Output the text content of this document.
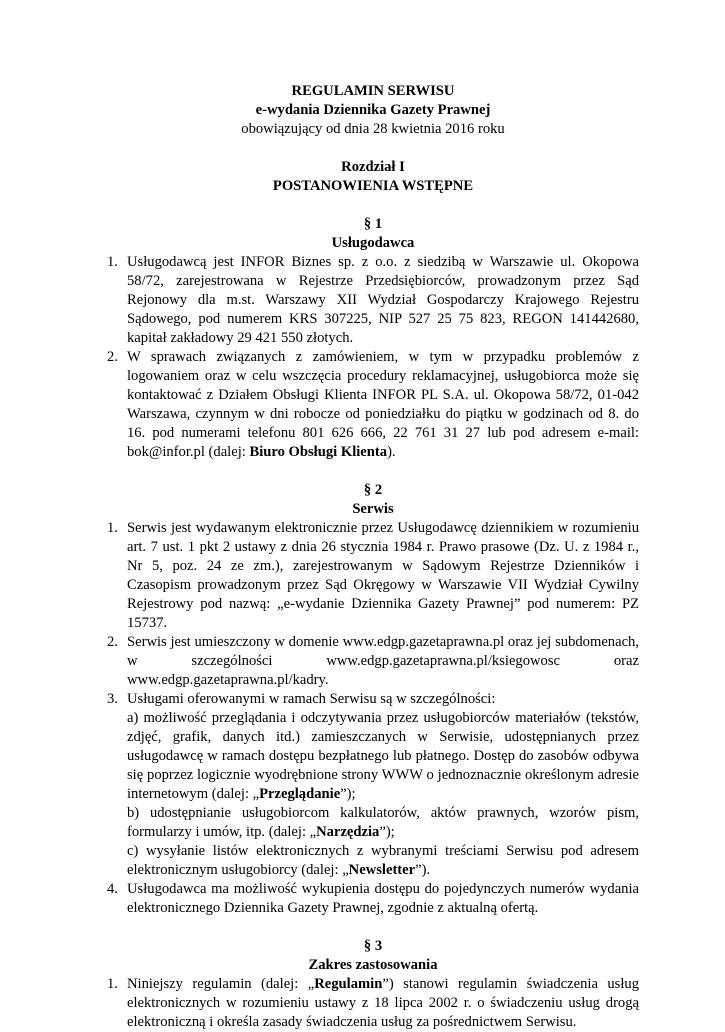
REGULAMIN SERWISU
e-wydania Dziennika Gazety Prawnej
obowiązujący od dnia 28 kwietnia 2016 roku
Rozdział I
POSTANOWIENIA WSTĘPNE
§ 1
Usługodawca
1. Usługodawcą jest INFOR Biznes sp. z o.o. z siedzibą w Warszawie ul. Okopowa 58/72, zarejestrowana w Rejestrze Przedsiębiorców, prowadzonym przez Sąd Rejonowy dla m.st. Warszawy XII Wydział Gospodarczy Krajowego Rejestru Sądowego, pod numerem KRS 307225, NIP 527 25 75 823, REGON 141442680, kapitał zakładowy 29 421 550 złotych.
2. W sprawach związanych z zamówieniem, w tym w przypadku problemów z logowaniem oraz w celu wszczęcia procedury reklamacyjnej, usługobiorca może się kontaktować z Działem Obsługi Klienta INFOR PL S.A. ul. Okopowa 58/72, 01-042 Warszawa, czynnym w dni robocze od poniedziałku do piątku w godzinach od 8. do 16. pod numerami telefonu 801 626 666, 22 761 31 27 lub pod adresem e-mail: bok@infor.pl (dalej: Biuro Obsługi Klienta).
§ 2
Serwis
1. Serwis jest wydawanym elektronicznie przez Usługodawcę dziennikiem w rozumieniu art. 7 ust. 1 pkt 2 ustawy z dnia 26 stycznia 1984 r. Prawo prasowe (Dz. U. z 1984 r., Nr 5, poz. 24 ze zm.), zarejestrowanym w Sądowym Rejestrze Dzienników i Czasopism prowadzonym przez Sąd Okręgowy w Warszawie VII Wydział Cywilny Rejestrowy pod nazwą: „e-wydanie Dziennika Gazety Prawnej” pod numerem: PZ 15737.
2. Serwis jest umieszczony w domenie www.edgp.gazetaprawna.pl oraz jej subdomenach, w szczególności www.edgp.gazetaprawna.pl/ksiegowosc oraz www.edgp.gazetaprawna.pl/kadry.
3. Usługami oferowanymi w ramach Serwisu są w szczególności:
a) możliwość przeglądania i odczytywania przez usługobiorców materiałów (tekstów, zdjęć, grafik, danych itd.) zamieszczanych w Serwisie, udostępnianych przez usługodawcę w ramach dostępu bezpłatnego lub płatnego. Dostęp do zasobów odbywa się poprzez logicznie wyodrębnione strony WWW o jednoznacznie określonym adresie internetowym (dalej: „Przeglądanie”);
b) udostępnianie usługobiorcom kalkulatorów, aktów prawnych, wzorów pism, formularzy i umów, itp. (dalej: „Narzędzia”);
c) wysyłanie listów elektronicznych z wybranymi treściami Serwisu pod adresem elektronicznym usługobiorcy (dalej: „Newsletter”).
4. Usługodawca ma możliwość wykupienia dostępu do pojedynczych numerów wydania elektronicznego Dziennika Gazety Prawnej, zgodnie z aktualną ofertą.
§ 3
Zakres zastosowania
1. Niniejszy regulamin (dalej: „Regulamin”) stanowi regulamin świadczenia usług elektronicznych w rozumieniu ustawy z 18 lipca 2002 r. o świadczeniu usług drogą elektroniczną i określa zasady świadczenia usług za pośrednictwem Serwisu.
